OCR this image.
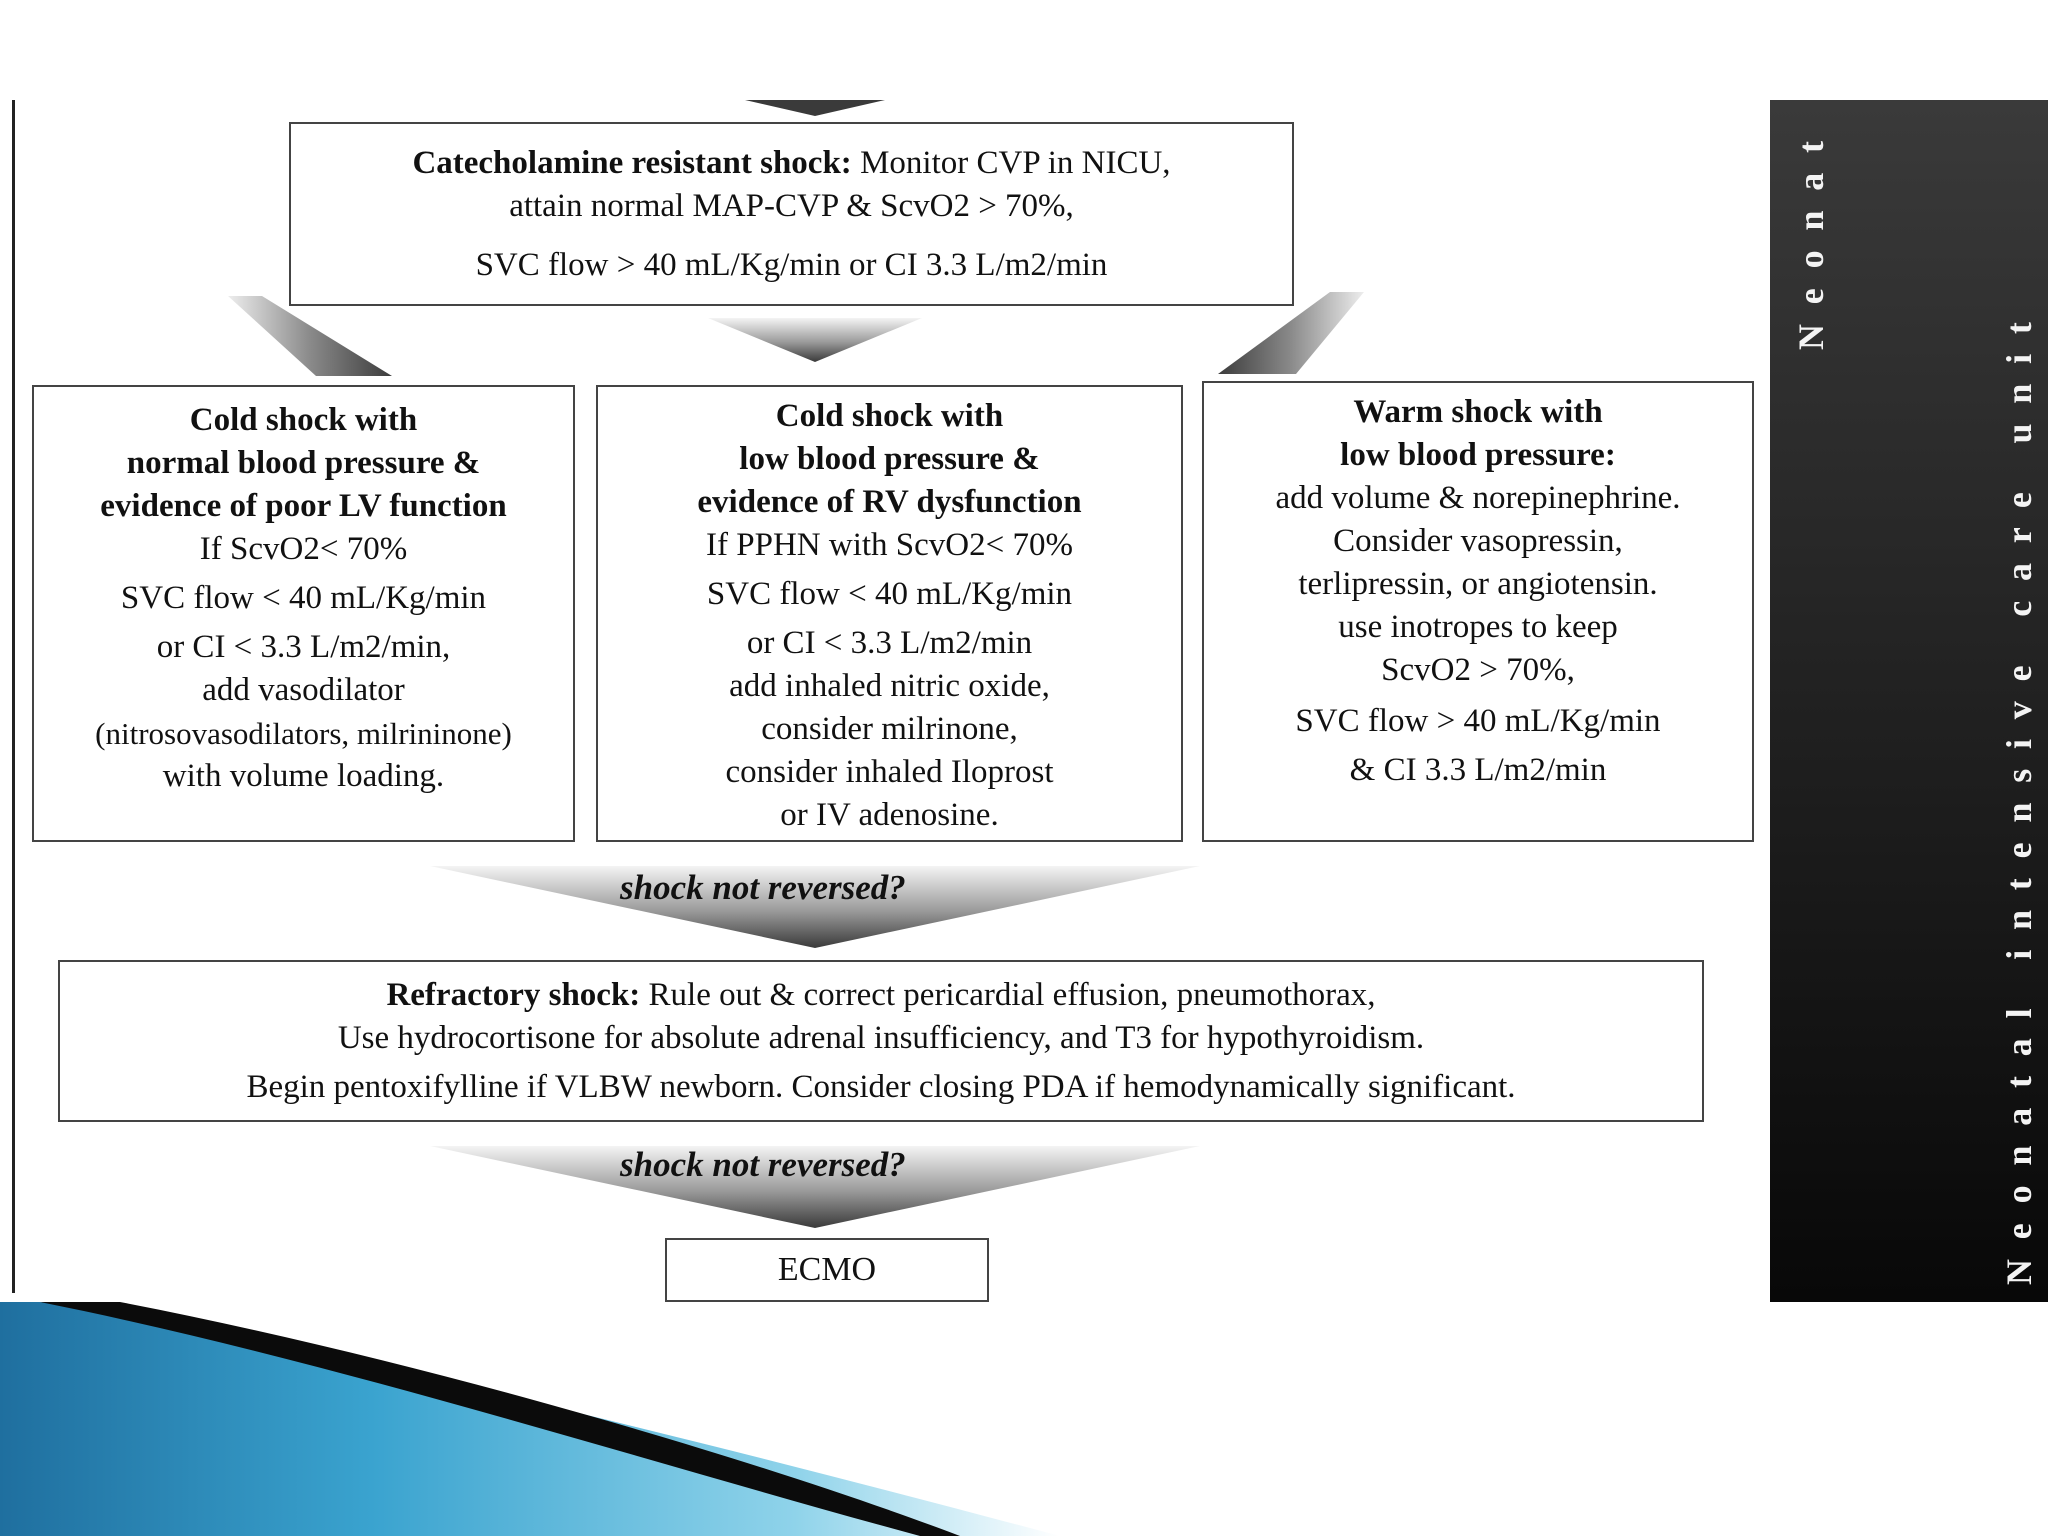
Catecholamine resistant shock: Monitor CVP in NICU,
attain normal MAP-CVP & ScvO2 > 70%,
SVC flow > 40 mL/Kg/min or CI 3.3 L/m2/min
Cold shock with
normal blood pressure &
evidence of poor LV function
If ScvO2< 70%
SVC flow < 40 mL/Kg/min
or CI < 3.3 L/m2/min,
add vasodilator
(nitrosovasodilators, milrininone)
with volume loading.
Cold shock with
low blood pressure &
evidence of RV dysfunction
If PPHN with ScvO2< 70%
SVC flow < 40 mL/Kg/min
or CI < 3.3 L/m2/min
add inhaled nitric oxide,
consider milrinone,
consider inhaled Iloprost
or IV adenosine.
Warm shock with
low blood pressure:
add volume & norepinephrine.
Consider vasopressin,
terlipressin, or angiotensin.
use inotropes to keep
ScvO2 > 70%,
SVC flow > 40 mL/Kg/min
& CI 3.3 L/m2/min
shock not reversed?
Refractory shock: Rule out & correct pericardial effusion, pneumothorax,
Use hydrocortisone for absolute adrenal insufficiency, and T3 for hypothyroidism.
Begin pentoxifylline if VLBW newborn. Consider closing PDA if hemodynamically significant.
shock not reversed?
ECMO	Neonatal intensive care unit
Neonat
